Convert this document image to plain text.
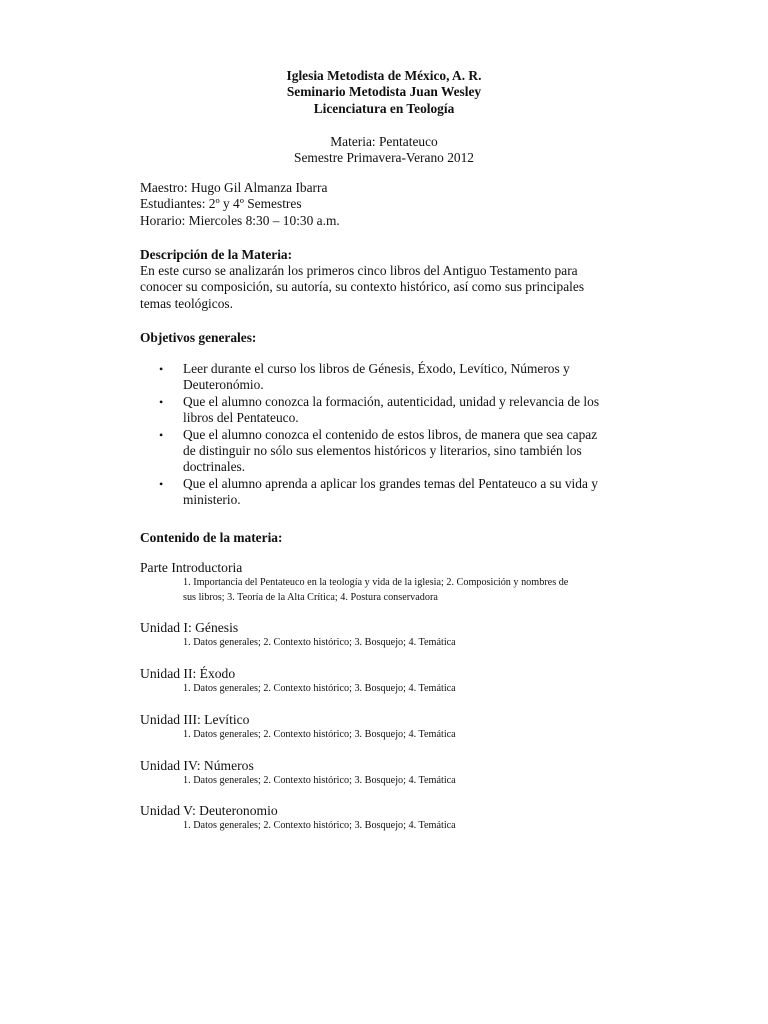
Iglesia Metodista de México, A. R.
Seminario Metodista Juan Wesley
Licenciatura en Teología
Materia: Pentateuco
Semestre Primavera-Verano 2012
Maestro: Hugo Gil Almanza Ibarra
Estudiantes: 2º y 4º Semestres
Horario: Miercoles 8:30 – 10:30 a.m.
Descripción de la Materia:
En este curso se analizarán los primeros cinco libros del Antiguo Testamento para
conocer su composición, su autoría, su contexto histórico, así como sus principales
temas teológicos.
Objetivos generales:
• Leer durante el curso los libros de Génesis, Éxodo, Levítico, Números y
Deuteronómio.
• Que el alumno conozca la formación, autenticidad, unidad y relevancia de los
libros del Pentateuco.
• Que el alumno conozca el contenido de estos libros, de manera que sea capaz
de distinguir no sólo sus elementos históricos y literarios, sino también los
doctrinales.
• Que el alumno aprenda a aplicar los grandes temas del Pentateuco a su vida y
ministerio.
Contenido de la materia:
Parte Introductoria
1. Importancia del Pentateuco en la teología y vida de la iglesia; 2. Composición y nombres de
sus libros; 3. Teoría de la Alta Crítica; 4. Postura conservadora
Unidad I: Génesis
1. Datos generales; 2. Contexto histórico; 3. Bosquejo; 4. Temática
Unidad II: Éxodo
1. Datos generales; 2. Contexto histórico; 3. Bosquejo; 4. Temática
Unidad III: Levítico
1. Datos generales; 2. Contexto histórico; 3. Bosquejo; 4. Temática
Unidad IV: Números
1. Datos generales; 2. Contexto histórico; 3. Bosquejo; 4. Temática
Unidad V: Deuteronomio
1. Datos generales; 2. Contexto histórico; 3. Bosquejo; 4. Temática
